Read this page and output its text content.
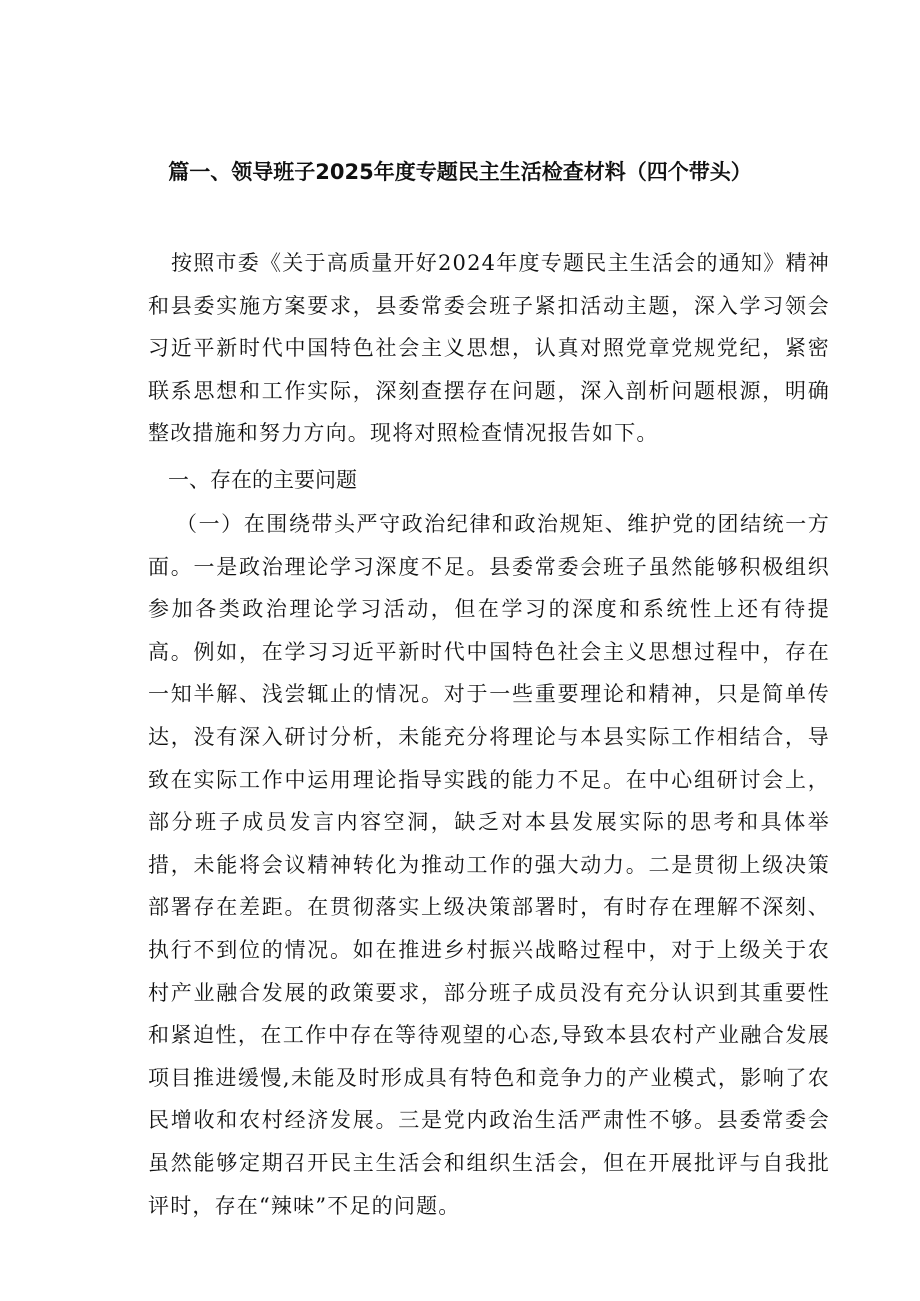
篇一、领导班子2025年度专题民主生活检查材料（四个带头）

按照市委《关于高质量开好2024年度专题民主生活会的通知》精神和县委实施方案要求，县委常委会班子紧扣活动主题，深入学习领会习近平新时代中国特色社会主义思想，认真对照党章党规党纪，紧密联系思想和工作实际，深刻查摆存在问题，深入剖析问题根源，明确整改措施和努力方向。现将对照检查情况报告如下。

一、存在的主要问题

（一）在围绕带头严守政治纪律和政治规矩、维护党的团结统一方面。一是政治理论学习深度不足。县委常委会班子虽然能够积极组织参加各类政治理论学习活动，但在学习的深度和系统性上还有待提高。例如，在学习习近平新时代中国特色社会主义思想过程中，存在一知半解、浅尝辄止的情况。对于一些重要理论和精神，只是简单传达，没有深入研讨分析，未能充分将理论与本县实际工作相结合，导致在实际工作中运用理论指导实践的能力不足。在中心组研讨会上，部分班子成员发言内容空洞，缺乏对本县发展实际的思考和具体举措，未能将会议精神转化为推动工作的强大动力。二是贯彻上级决策部署存在差距。在贯彻落实上级决策部署时，有时存在理解不深刻、执行不到位的情况。如在推进乡村振兴战略过程中，对于上级关于农村产业融合发展的政策要求，部分班子成员没有充分认识到其重要性和紧迫性，在工作中存在等待观望的心态,导致本县农村产业融合发展项目推进缓慢,未能及时形成具有特色和竞争力的产业模式，影响了农民增收和农村经济发展。三是党内政治生活严肃性不够。县委常委会虽然能够定期召开民主生活会和组织生活会，但在开展批评与自我批评时，存在“辣味”不足的问题。
